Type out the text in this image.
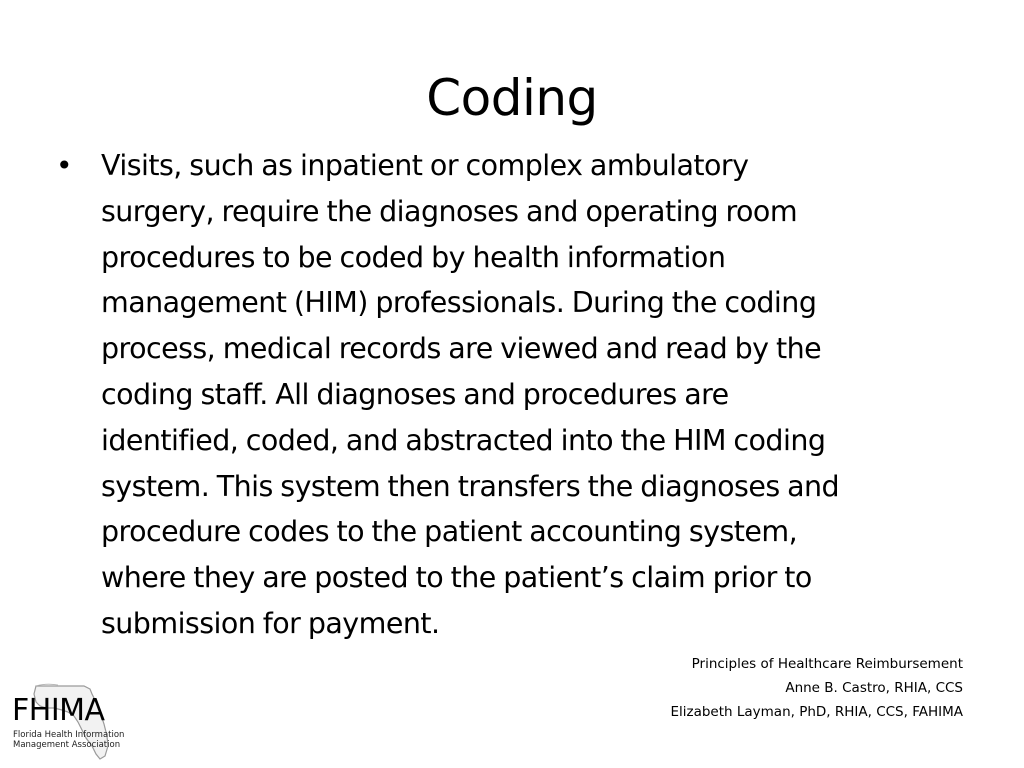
Coding
• Visits, such as inpatient or complex ambulatory
surgery, require the diagnoses and operating room
procedures to be coded by health information
management (HIM) professionals. During the coding
process, medical records are viewed and read by the
coding staff. All diagnoses and procedures are
identified, coded, and abstracted into the HIM coding
system. This system then transfers the diagnoses and
procedure codes to the patient accounting system,
where they are posted to the patient’s claim prior to
submission for payment.
Principles of Healthcare Reimbursement
Anne B. Castro, RHIA, CCS
Elizabeth Layman, PhD, RHIA, CCS, FAHIMA
FHIMA
Florida Health Information
Management Association
